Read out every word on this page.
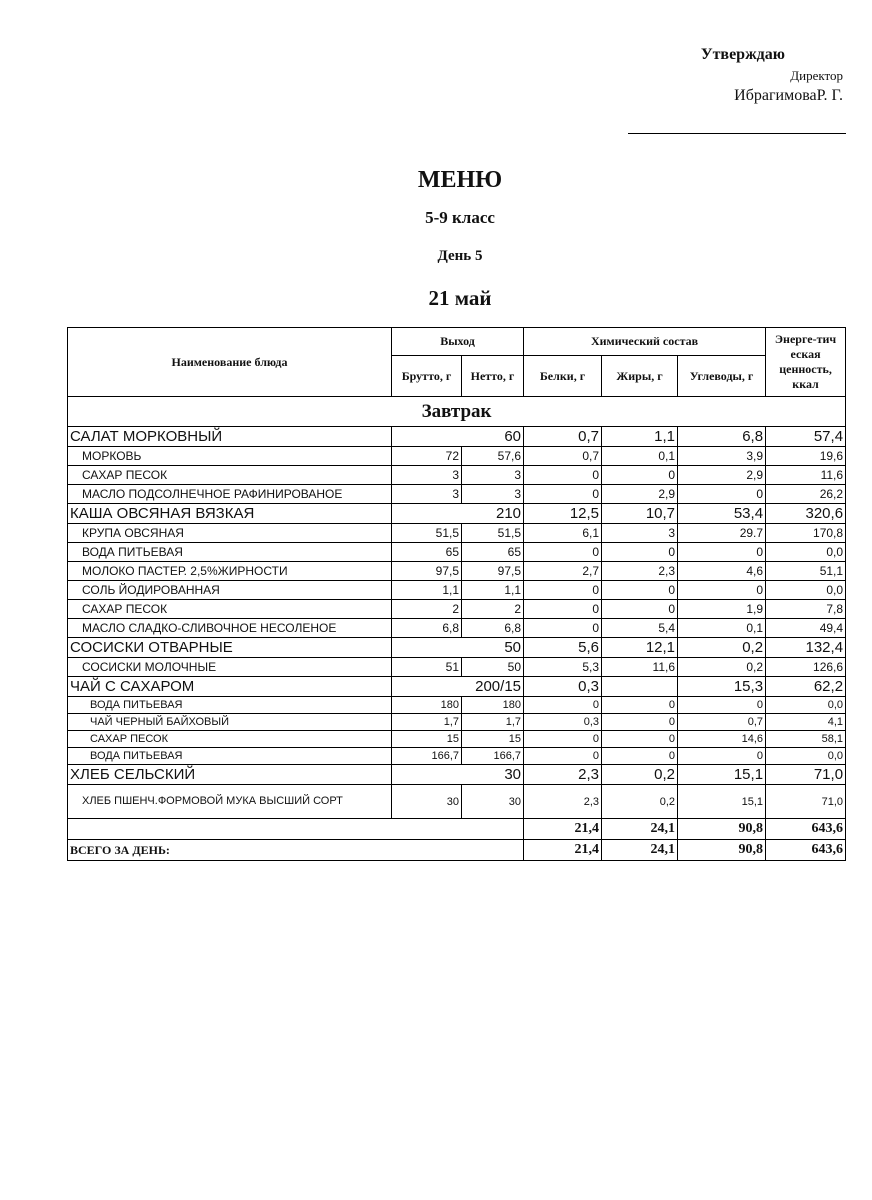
Утверждаю
Директор
ИбрагимоваР. Г.
МЕНЮ
5-9 класс
День 5
21 май
Наименование блюда	Выход		Химический состав			Энерге-тич еская ценность, ккал
	Брутто, г	Нетто, г	Белки, г	Жиры, г	Углеводы, г	
Завтрак						
САЛАТ МОРКОВНЫЙ	60		0,7	1,1	6,8	57,4
МОРКОВЬ	72	57,6	0,7	0,1	3,9	19,6
САХАР ПЕСОК	3	3	0	0	2,9	11,6
МАСЛО ПОДСОЛНЕЧНОЕ РАФИНИРОВАНОЕ	3	3	0	2,9	0	26,2
КАША ОВСЯНАЯ ВЯЗКАЯ	210		12,5	10,7	53,4	320,6
КРУПА ОВСЯНАЯ	51,5	51,5	6,1	3	29.7	170,8
ВОДА ПИТЬЕВАЯ	65	65	0	0	0	0,0
МОЛОКО ПАСТЕР. 2,5%ЖИРНОСТИ	97,5	97,5	2,7	2,3	4,6	51,1
СОЛЬ ЙОДИРОВАННАЯ	1,1	1,1	0	0	0	0,0
САХАР ПЕСОК	2	2	0	0	1,9	7,8
МАСЛО СЛАДКО-СЛИВОЧНОЕ НЕСОЛЕНОЕ	6,8	6,8	0	5,4	0,1	49,4
СОСИСКИ ОТВАРНЫЕ	50		5,6	12,1	0,2	132,4
СОСИСКИ МОЛОЧНЫЕ	51	50	5,3	11,6	0,2	126,6
ЧАЙ С САХАРОМ	200/15		0,3		15,3	62,2
ВОДА ПИТЬЕВАЯ	180	180	0	0	0	0,0
ЧАЙ ЧЕРНЫЙ БАЙХОВЫЙ	1,7	1,7	0,3	0	0,7	4,1
САХАР ПЕСОК	15	15	0	0	14,6	58,1
ВОДА ПИТЬЕВАЯ	166,7	166,7	0	0	0	0,0
ХЛЕБ СЕЛЬСКИЙ	30		2,3	0,2	15,1	71,0
ХЛЕБ ПШЕНЧ.ФОРМОВОЙ МУКА ВЫСШИЙ СОРТ	30	30	2,3	0,2	15,1	71,0
			21,4	24,1	90,8	643,6
ВСЕГО ЗА ДЕНЬ:			21,4	24,1	90,8	643,6
